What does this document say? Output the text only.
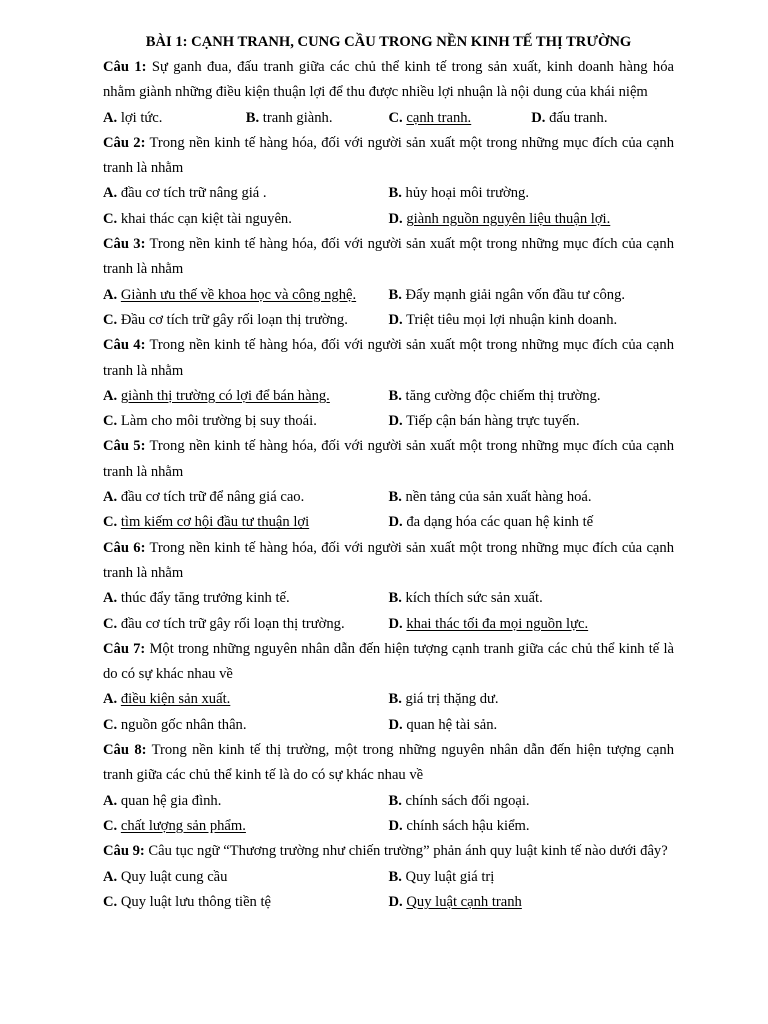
BÀI 1: CẠNH TRANH, CUNG CẦU TRONG NỀN KINH TẾ THỊ TRƯỜNG

Câu 1: Sự ganh đua, đấu tranh giữa các chủ thể kinh tế trong sản xuất, kinh doanh hàng hóa nhằm giành những điều kiện thuận lợi để thu được nhiều lợi nhuận là nội dung của khái niệm

A. lợi tức.	B. tranh giành.	C. cạnh tranh.	D. đấu tranh.

Câu 2: Trong nền kinh tế hàng hóa, đối với người sản xuất một trong những mục đích của cạnh tranh là nhằm

A. đầu cơ tích trữ nâng giá .	B. hủy hoại môi trường.
C. khai thác cạn kiệt tài nguyên.	D. giành nguồn nguyên liệu thuận lợi.

Câu 3: Trong nền kinh tế hàng hóa, đối với người sản xuất một trong những mục đích của cạnh tranh là nhằm

A. Giành ưu thế về khoa học và công nghệ.	B. Đẩy mạnh giải ngân vốn đầu tư công.
C. Đầu cơ tích trữ gây rối loạn thị trường.	D. Triệt tiêu mọi lợi nhuận kinh doanh.

Câu 4: Trong nền kinh tế hàng hóa, đối với người sản xuất một trong những mục đích của cạnh tranh là nhằm

A. giành thị trường có lợi để bán hàng.	B. tăng cường độc chiếm thị trường.
C. Làm cho môi trường bị suy thoái.	D. Tiếp cận bán hàng trực tuyến.

Câu 5: Trong nền kinh tế hàng hóa, đối với người sản xuất một trong những mục đích của cạnh tranh là nhằm

A. đầu cơ tích trữ để nâng giá cao.	B. nền tảng của sản xuất hàng hoá.
C. tìm kiếm cơ hội đầu tư thuận lợi	D. đa dạng hóa các quan hệ kinh tế

Câu 6: Trong nền kinh tế hàng hóa, đối với người sản xuất một trong những mục đích của cạnh tranh là nhằm

A. thúc đẩy tăng trưởng kinh tế.	B. kích thích sức sản xuất.
C. đầu cơ tích trữ gây rối loạn thị trường.	D. khai thác tối đa mọi nguồn lực.

Câu 7: Một trong những nguyên nhân dẫn đến hiện tượng cạnh tranh giữa các chủ thể kinh tế là do có sự khác nhau về

A. điều kiện sản xuất.	B. giá trị thặng dư.
C. nguồn gốc nhân thân.	D. quan hệ tài sản.

Câu 8: Trong nền kinh tế thị trường, một trong những nguyên nhân dẫn đến hiện tượng cạnh tranh giữa các chủ thể kinh tế là do có sự khác nhau về

A. quan hệ gia đình.	B. chính sách đối ngoại.
C. chất lượng sản phẩm.	D. chính sách hậu kiểm.

Câu 9: Câu tục ngữ “Thương trường như chiến trường” phản ánh quy luật kinh tế nào dưới đây?

A. Quy luật cung cầu	B. Quy luật giá trị
C. Quy luật lưu thông tiền tệ	D. Quy luật cạnh tranh
